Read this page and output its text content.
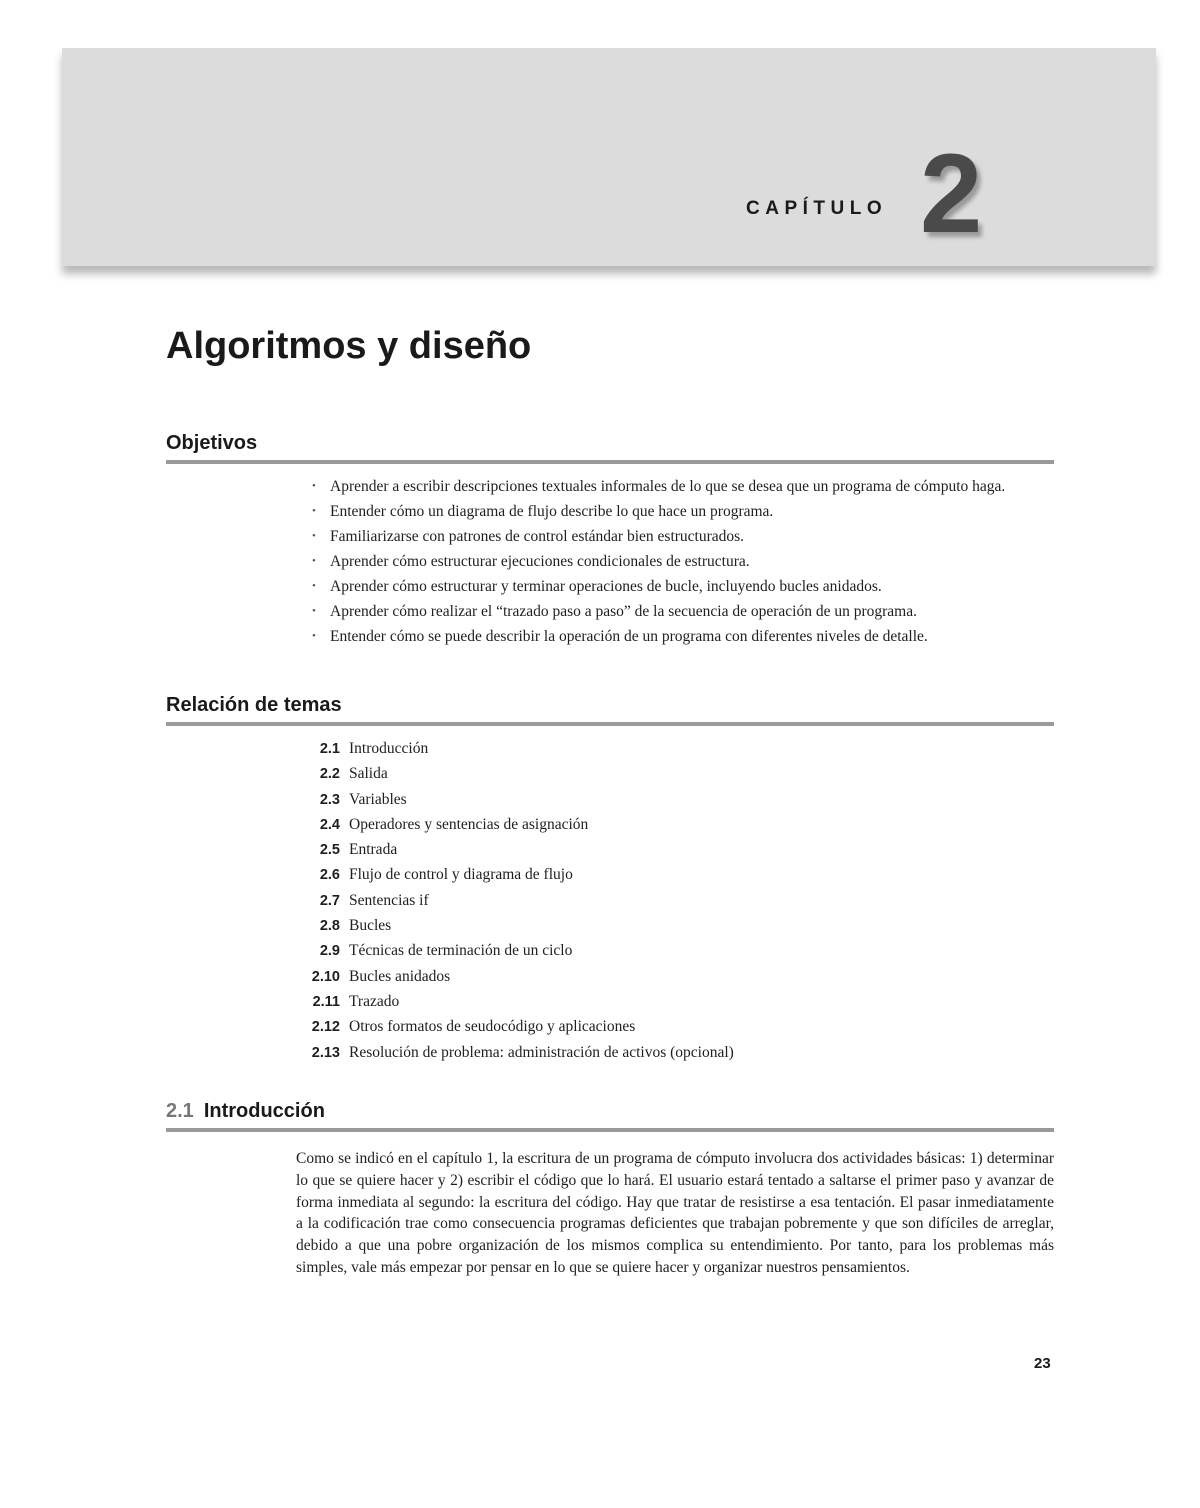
CAPÍTULO 2
Algoritmos y diseño
Objetivos
• Aprender a escribir descripciones textuales informales de lo que se desea que un programa de cómputo haga.
• Entender cómo un diagrama de flujo describe lo que hace un programa.
• Familiarizarse con patrones de control estándar bien estructurados.
• Aprender cómo estructurar ejecuciones condicionales de estructura.
• Aprender cómo estructurar y terminar operaciones de bucle, incluyendo bucles anidados.
• Aprender cómo realizar el “trazado paso a paso” de la secuencia de operación de un programa.
• Entender cómo se puede describir la operación de un programa con diferentes niveles de detalle.
Relación de temas
2.1 Introducción
2.2 Salida
2.3 Variables
2.4 Operadores y sentencias de asignación
2.5 Entrada
2.6 Flujo de control y diagrama de flujo
2.7 Sentencias if
2.8 Bucles
2.9 Técnicas de terminación de un ciclo
2.10 Bucles anidados
2.11 Trazado
2.12 Otros formatos de seudocódigo y aplicaciones
2.13 Resolución de problema: administración de activos (opcional)
2.1 Introducción

Como se indicó en el capítulo 1, la escritura de un programa de cómputo involucra dos actividades básicas: 1) determinar lo que se quiere hacer y 2) escribir el código que lo hará. El usuario estará tentado a saltarse el primer paso y avanzar de forma inmediata al segundo: la escritura del código. Hay que tratar de resistirse a esa tentación. El pasar inmediatamente a la codificación trae como consecuencia programas deficientes que trabajan pobremente y que son difíciles de arreglar, debido a que una pobre organización de los mismos complica su entendimiento. Por tanto, para los problemas más simples, vale más empezar por pensar en lo que se quiere hacer y organizar nuestros pensamientos.

23
